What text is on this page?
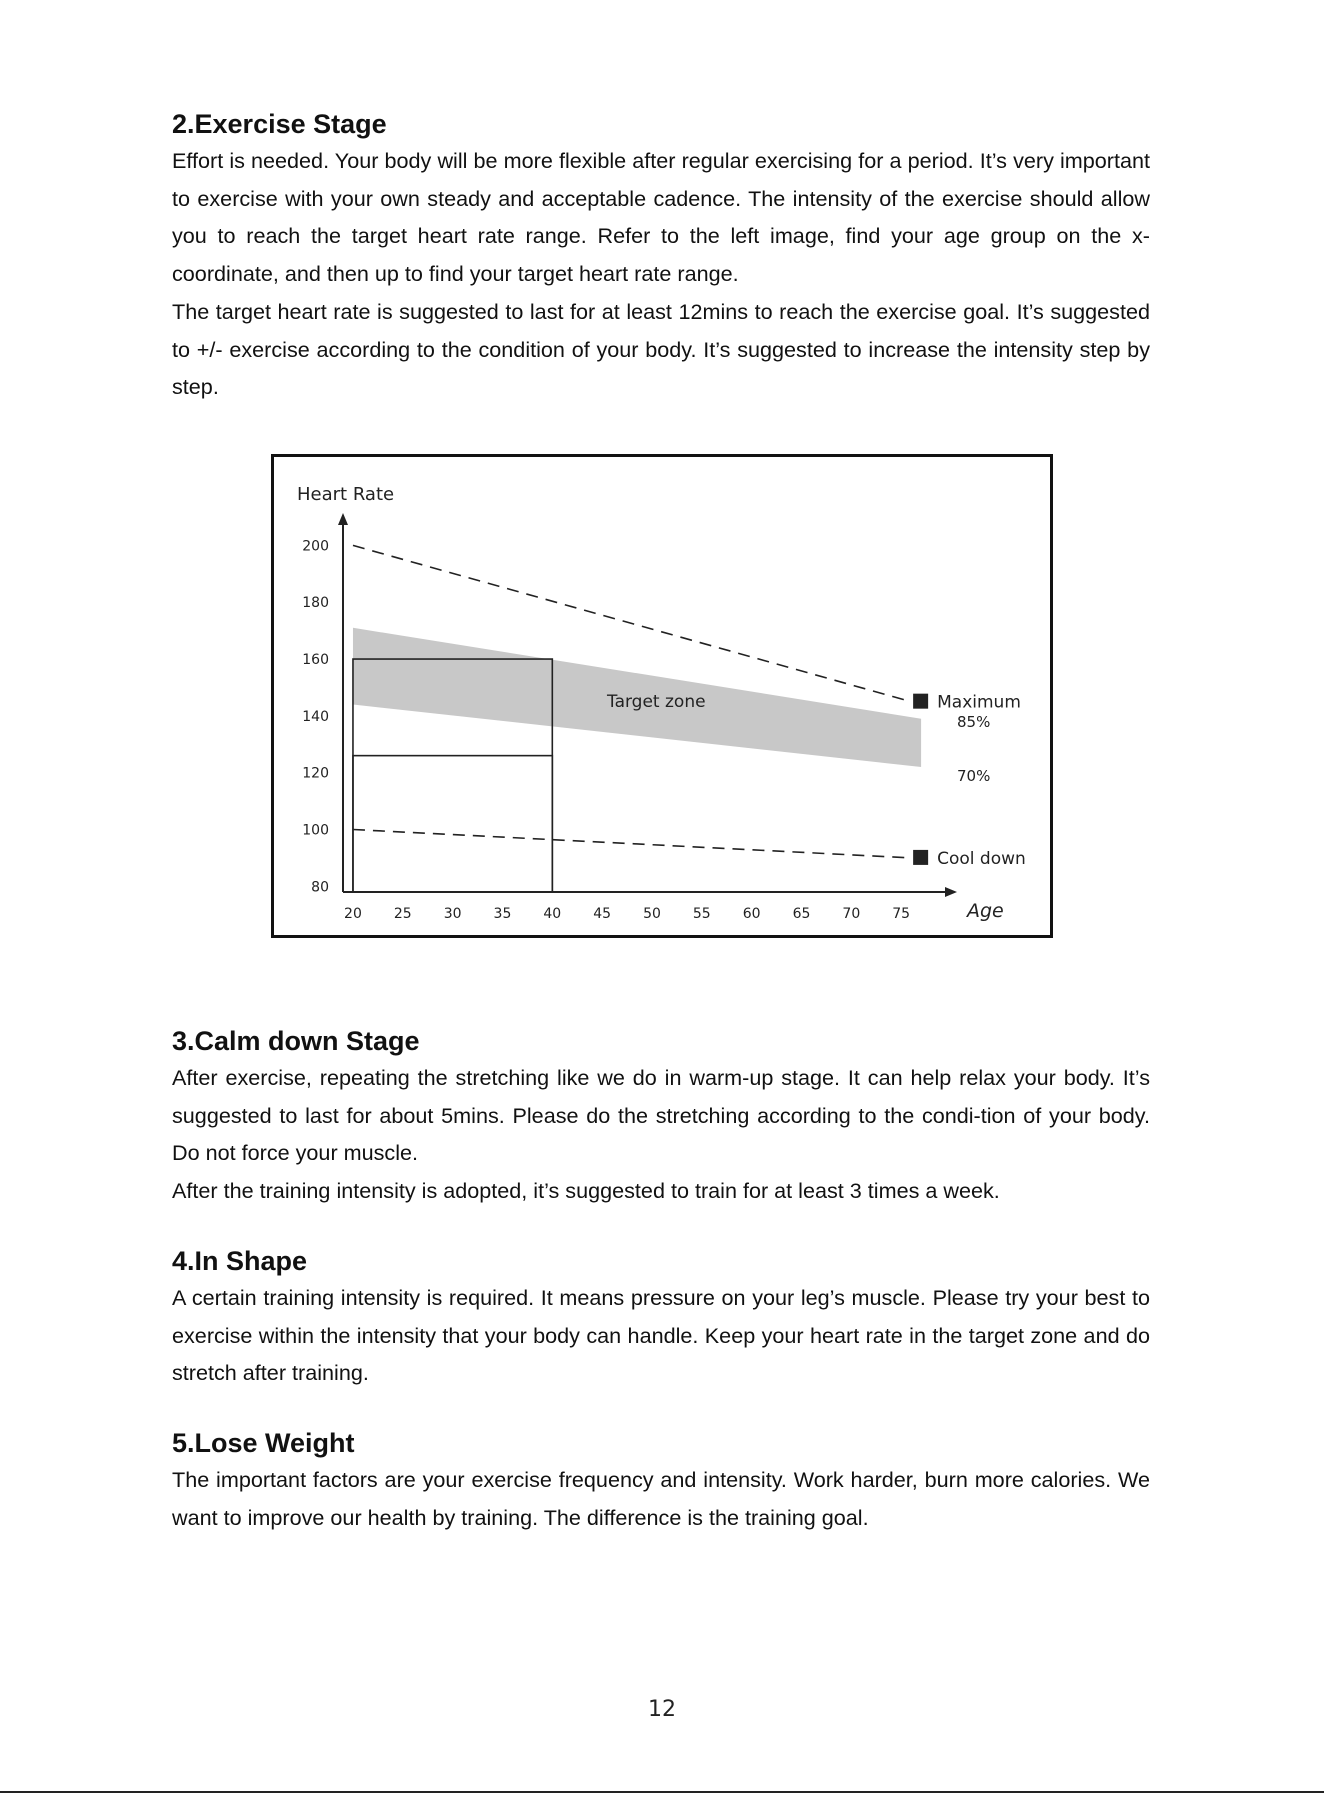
2.Exercise Stage

Effort is needed. Your body will be more flexible after regular exercising for a period. It’s very important to exercise with your own steady and acceptable cadence. The intensity of the exercise should allow you to reach the target heart rate range. Refer to the left image, find your age group on the x-coordinate, and then up to find your target heart rate range.

The target heart rate is suggested to last for at least 12mins to reach the exercise goal. It’s suggested to +/- exercise according to the condition of your body. It’s suggested to increase the intensity step by step.

Maximum
Cool down
20 25 30 35 40 45 50 55 60 65 70 75
80
100
120
140
160
180
200
Heart Rate
Age
Target zone
85%
70%
3.Calm down Stage

After exercise, repeating the stretching like we do in warm-up stage. It can help relax your body. It’s suggested to last for about 5mins. Please do the stretching according to the condi-tion of your body. Do not force your muscle.

After the training intensity is adopted, it’s suggested to train for at least 3 times a week.

4.In Shape

A certain training intensity is required. It means pressure on your leg’s muscle. Please try your best to exercise within the intensity that your body can handle. Keep your heart rate in the target zone and do stretch after training.

5.Lose Weight

The important factors are your exercise frequency and intensity. Work harder, burn more calories. We want to improve our health by training. The difference is the training goal.

12
